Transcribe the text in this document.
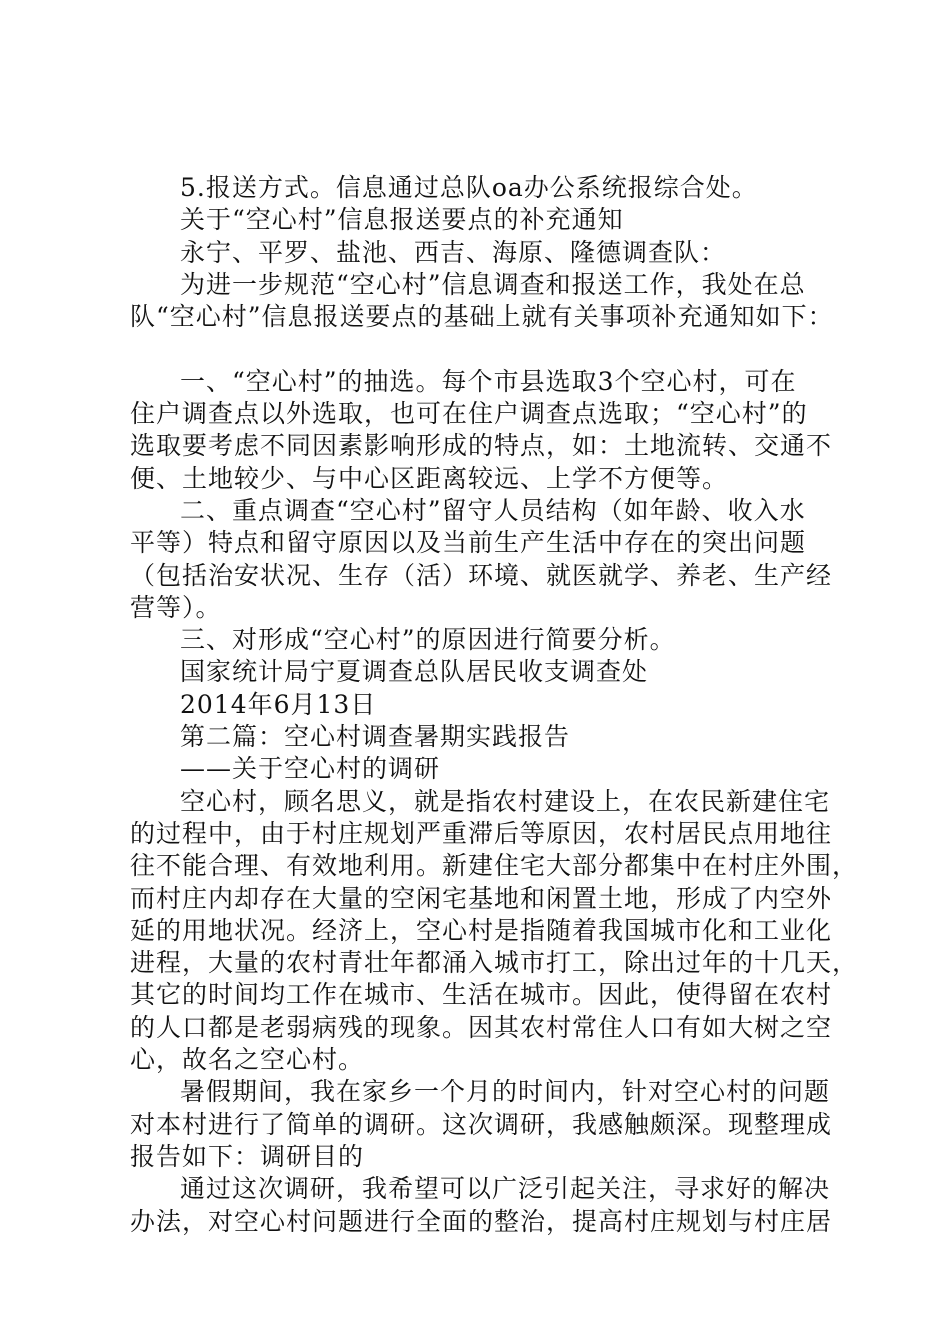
5.报送方式。信息通过总队oa办公系统报综合处。
关于“空心村”信息报送要点的补充通知
永宁、平罗、盐池、西吉、海原、隆德调查队：
为进一步规范“空心村”信息调查和报送工作，我处在总
队“空心村”信息报送要点的基础上就有关事项补充通知如下：
一、“空心村”的抽选。每个市县选取3个空心村，可在
住户调查点以外选取，也可在住户调查点选取；“空心村”的
选取要考虑不同因素影响形成的特点，如：土地流转、交通不
便、土地较少、与中心区距离较远、上学不方便等。
二、重点调查“空心村”留守人员结构（如年龄、收入水
平等）特点和留守原因以及当前生产生活中存在的突出问题
（包括治安状况、生存（活）环境、就医就学、养老、生产经
营等）。
三、对形成“空心村”的原因进行简要分析。
国家统计局宁夏调查总队居民收支调查处
2014年6月13日
第二篇：空心村调查暑期实践报告
——关于空心村的调研
空心村，顾名思义，就是指农村建设上，在农民新建住宅
的过程中，由于村庄规划严重滞后等原因，农村居民点用地往
往不能合理、有效地利用。新建住宅大部分都集中在村庄外围，
而村庄内却存在大量的空闲宅基地和闲置土地，形成了内空外
延的用地状况。经济上，空心村是指随着我国城市化和工业化
进程，大量的农村青壮年都涌入城市打工，除出过年的十几天，
其它的时间均工作在城市、生活在城市。因此，使得留在农村
的人口都是老弱病残的现象。因其农村常住人口有如大树之空
心，故名之空心村。
暑假期间，我在家乡一个月的时间内，针对空心村的问题
对本村进行了简单的调研。这次调研，我感触颇深。现整理成
报告如下：调研目的
通过这次调研，我希望可以广泛引起关注，寻求好的解决
办法，对空心村问题进行全面的整治，提高村庄规划与村庄居
